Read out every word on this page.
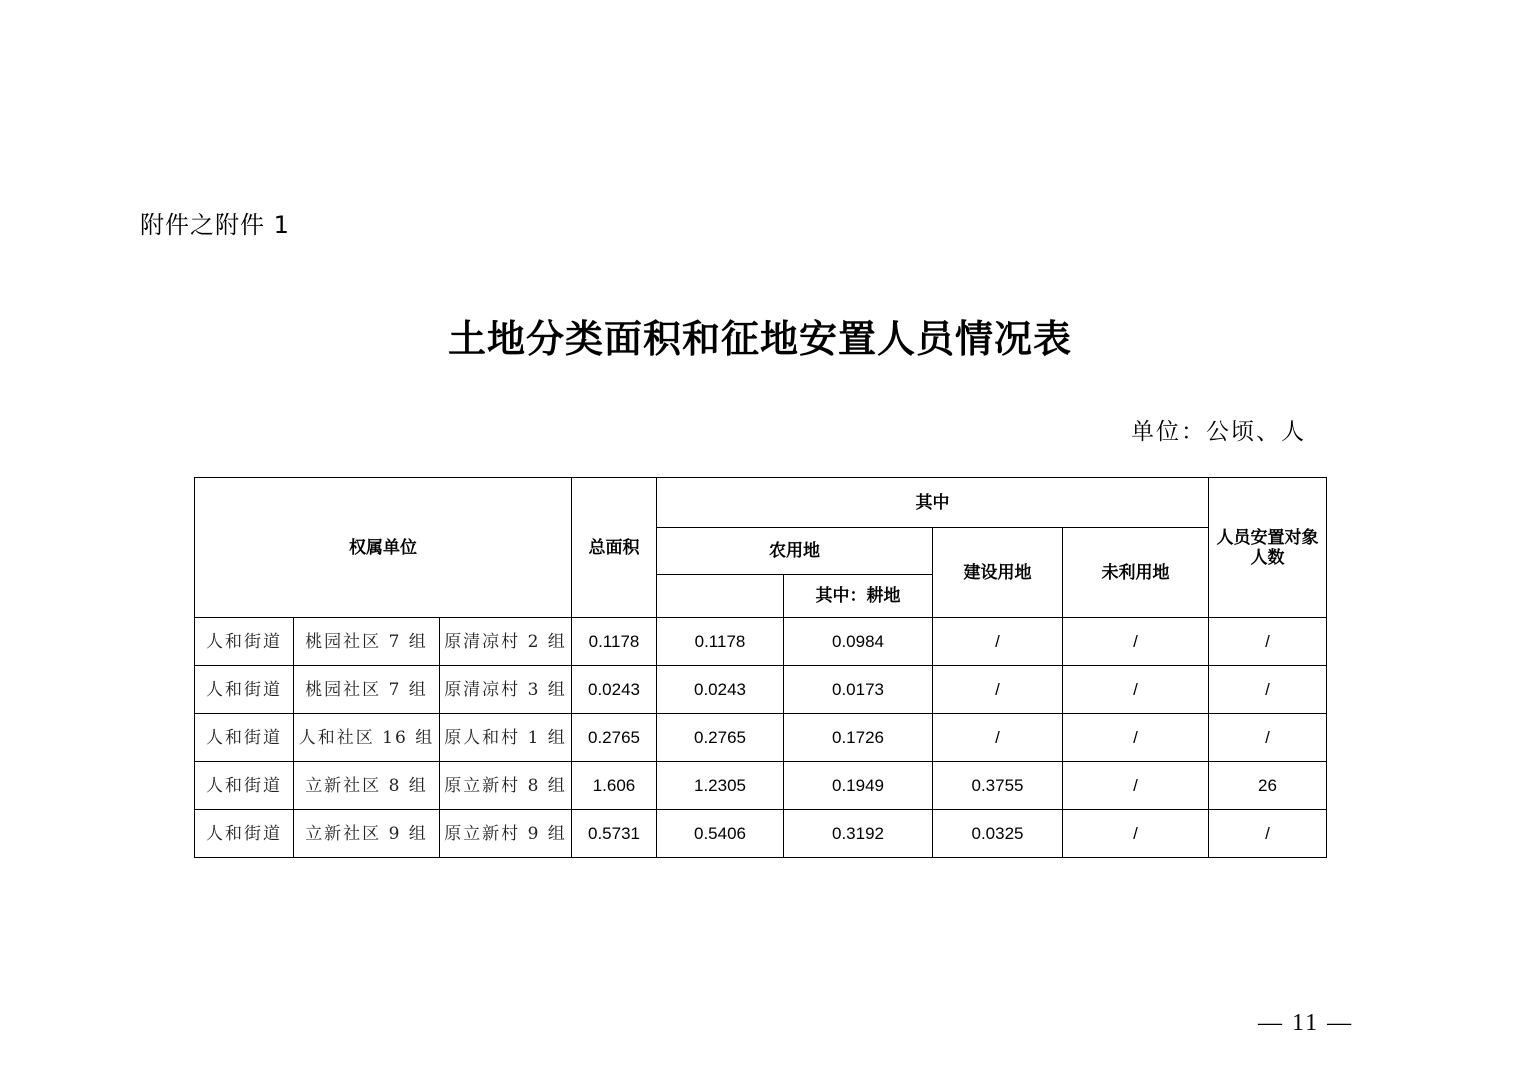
附件之附件 1
土地分类面积和征地安置人员情况表
单位：公顷、人
权属单位			总面积	其中				人员安置对象人数
				农用地		建设用地	未利用地	
					其中：耕地			
人和街道	桃园社区 7 组	原清凉村 2 组	0.1178	0.1178	0.0984	/	/	/
人和街道	桃园社区 7 组	原清凉村 3 组	0.0243	0.0243	0.0173	/	/	/
人和街道	人和社区 16 组	原人和村 1 组	0.2765	0.2765	0.1726	/	/	/
人和街道	立新社区 8 组	原立新村 8 组	1.606	1.2305	0.1949	0.3755	/	26
人和街道	立新社区 9 组	原立新村 9 组	0.5731	0.5406	0.3192	0.0325	/	/
— 11 —
